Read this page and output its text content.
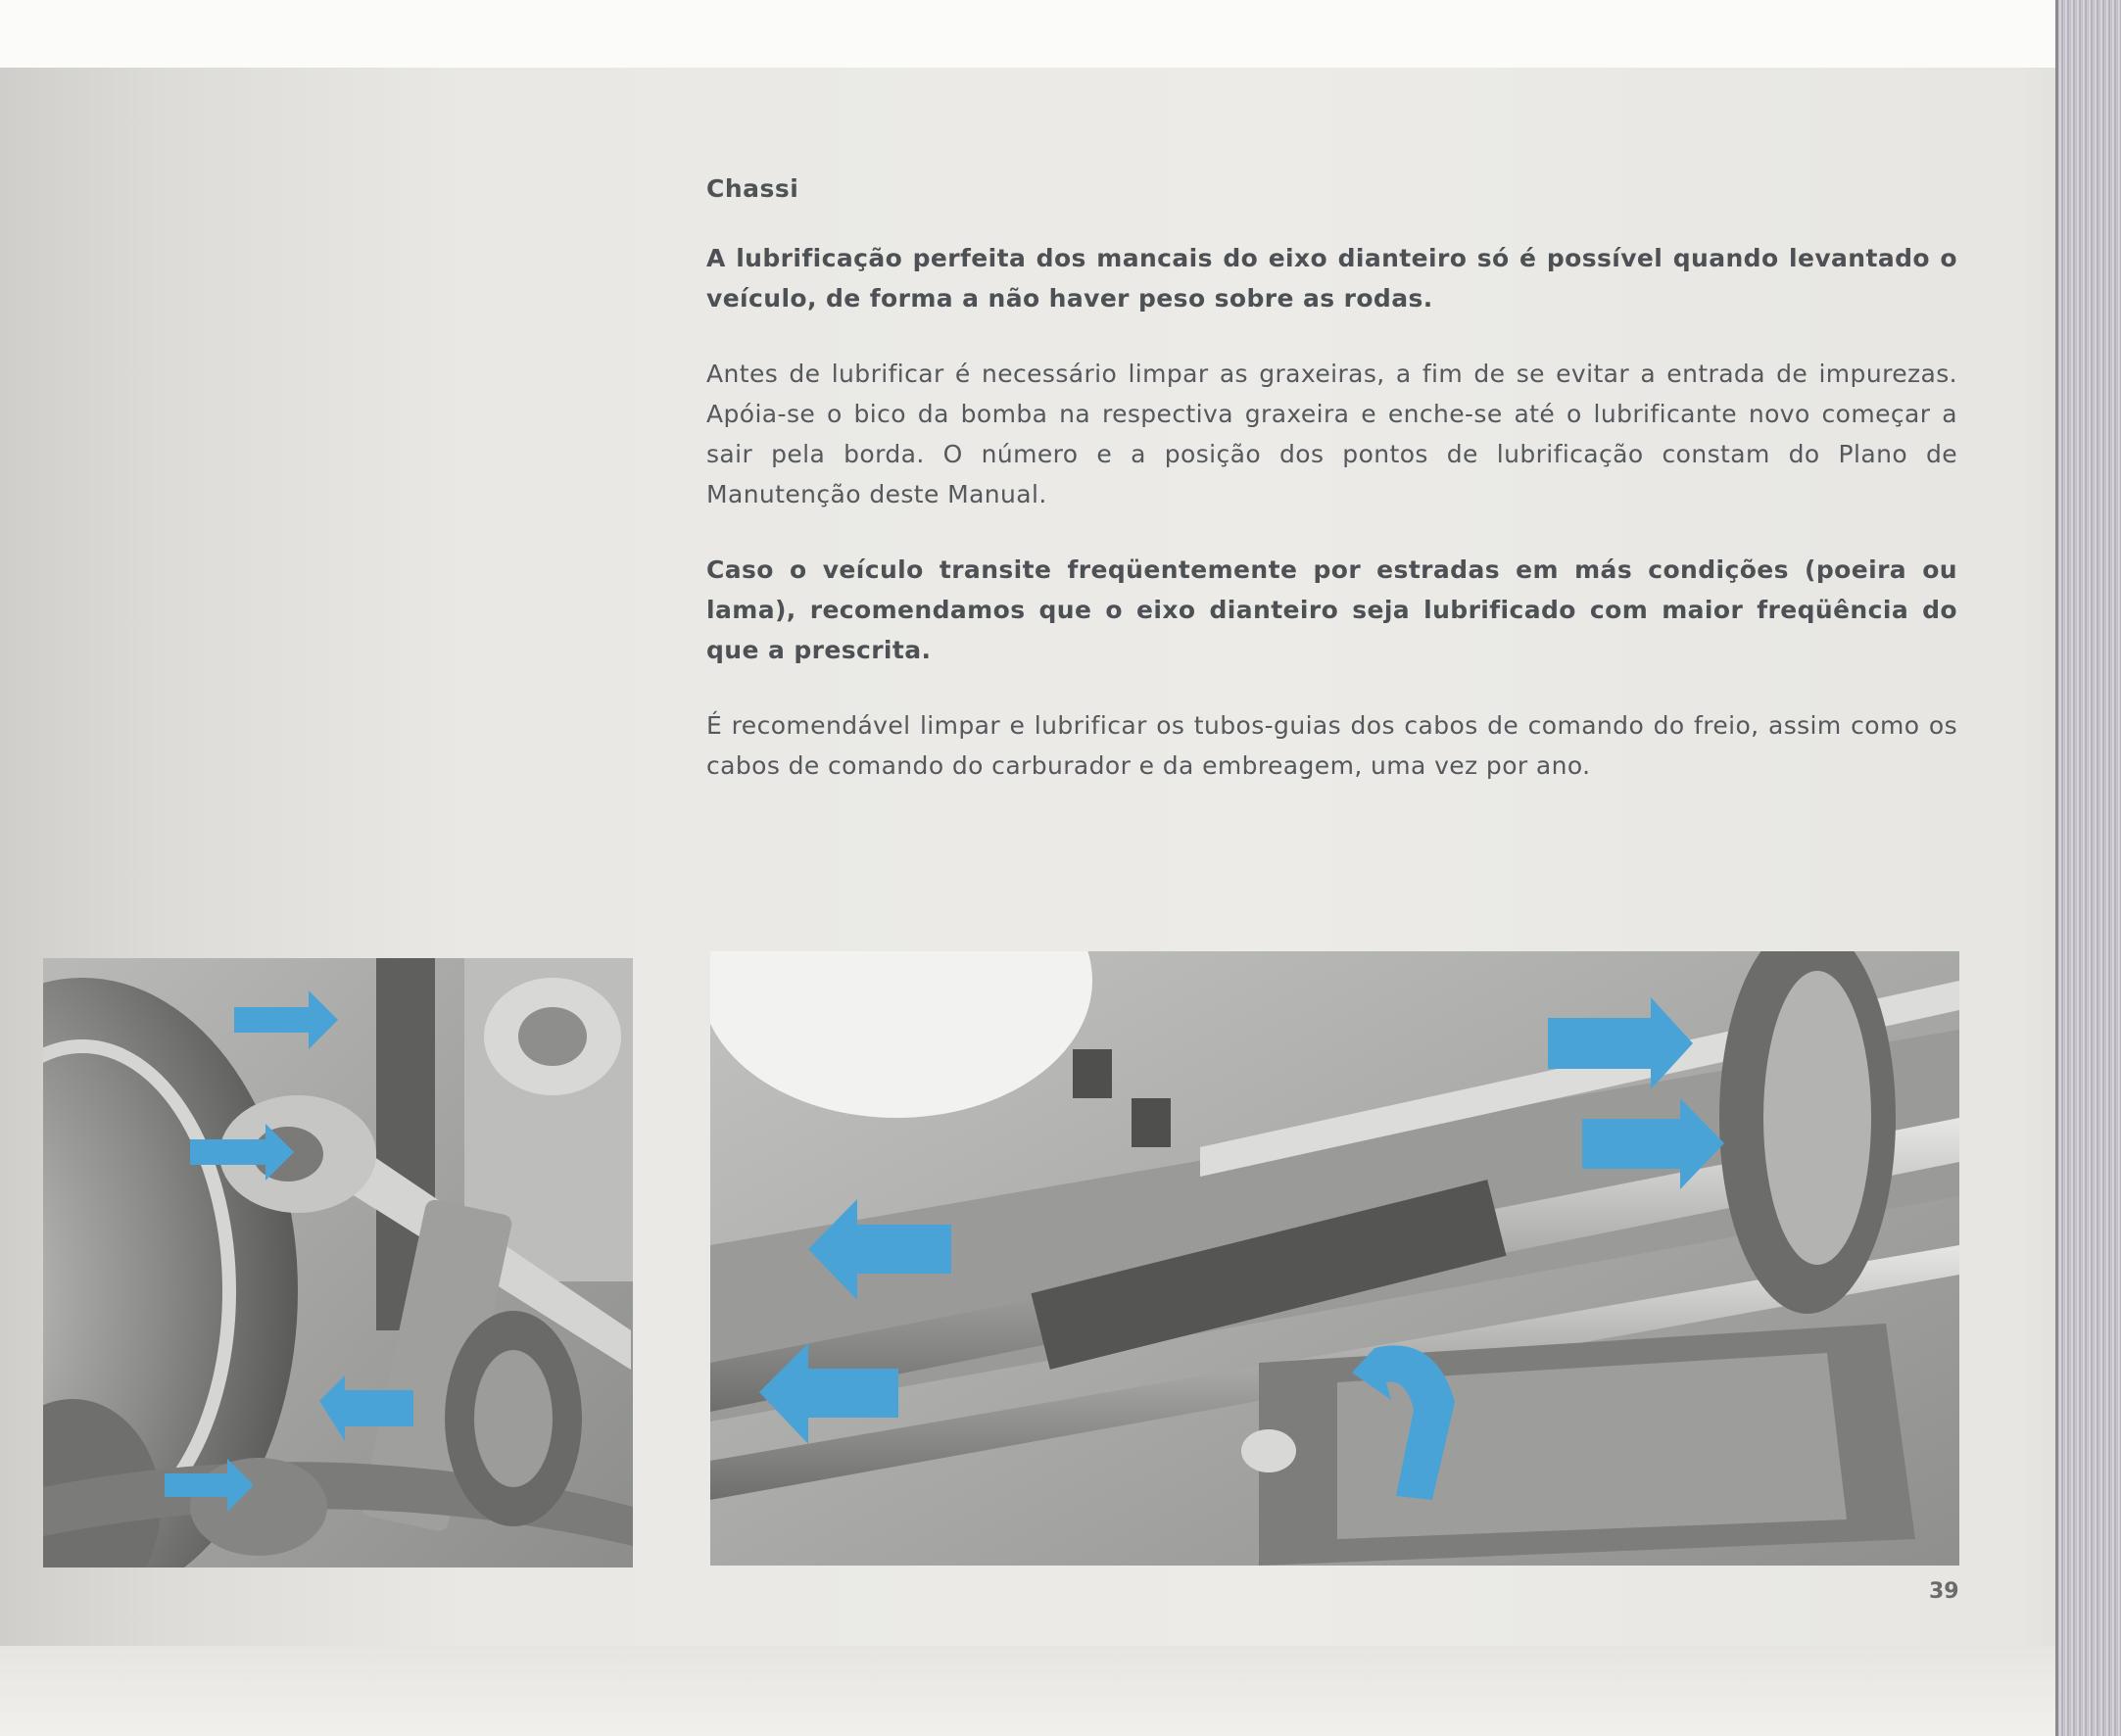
Chassi

A lubrificação perfeita dos mancais do eixo dianteiro só é possível quando levantado o veículo, de forma a não haver peso sobre as rodas.

Antes de lubrificar é necessário limpar as graxeiras, a fim de se evitar a entrada de impurezas. Apóia-se o bico da bomba na respectiva graxeira e enche-se até o lubrificante novo começar a sair pela borda. O número e a posição dos pontos de lubrificação constam do Plano de Manutenção deste Manual.

Caso o veículo transite freqüentemente por estradas em más condições (poeira ou lama), recomendamos que o eixo dianteiro seja lubrificado com maior freqüência do que a prescrita.

É recomendável limpar e lubrificar os tubos-guias dos cabos de comando do freio, assim como os cabos de comando do carburador e da embreagem, uma vez por ano.

39
